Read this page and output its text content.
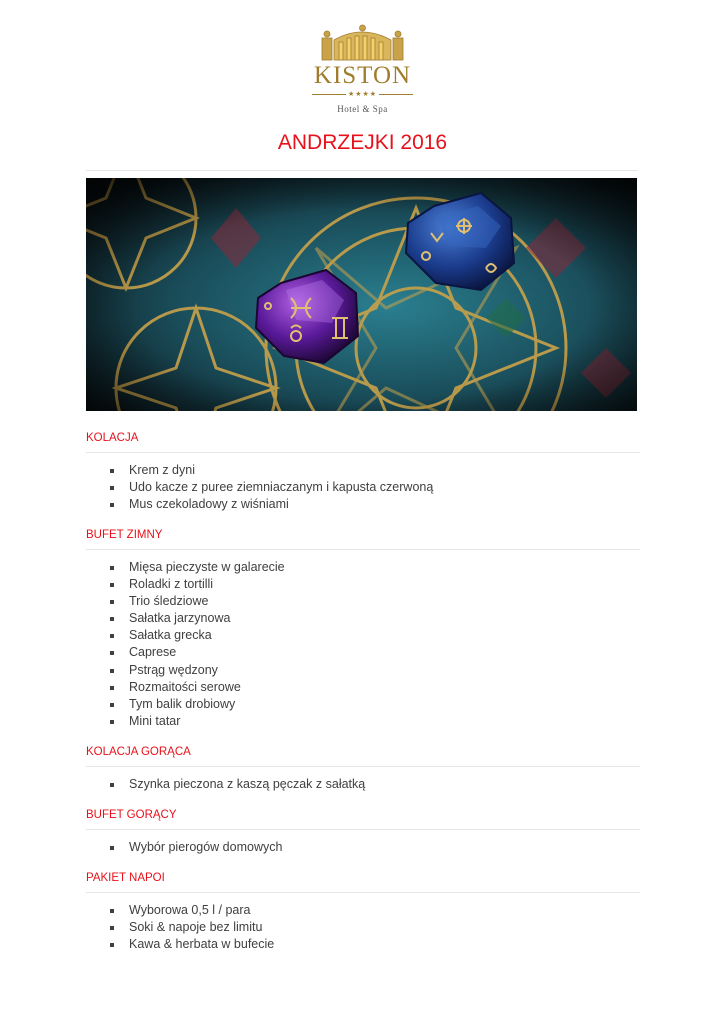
KISTON
★★★★
Hotel & Spa
ANDRZEJKI 2016
KOLACJA
Krem z dyni
Udo kacze z puree ziemniaczanym i kapusta czerwoną
Mus czekoladowy z wiśniami
BUFET ZIMNY
Mięsa pieczyste w galarecie
Roladki z tortilli
Trio śledziowe
Sałatka jarzynowa
Sałatka grecka
Caprese
Pstrąg wędzony
Rozmaitości serowe
Tym balik drobiowy
Mini tatar
KOLACJA GORĄCA
Szynka pieczona z kaszą pęczak z sałatką
BUFET GORĄCY
Wybór pierogów domowych
PAKIET NAPOI
Wyborowa 0,5 l / para
Soki & napoje bez limitu
Kawa & herbata w bufecie
